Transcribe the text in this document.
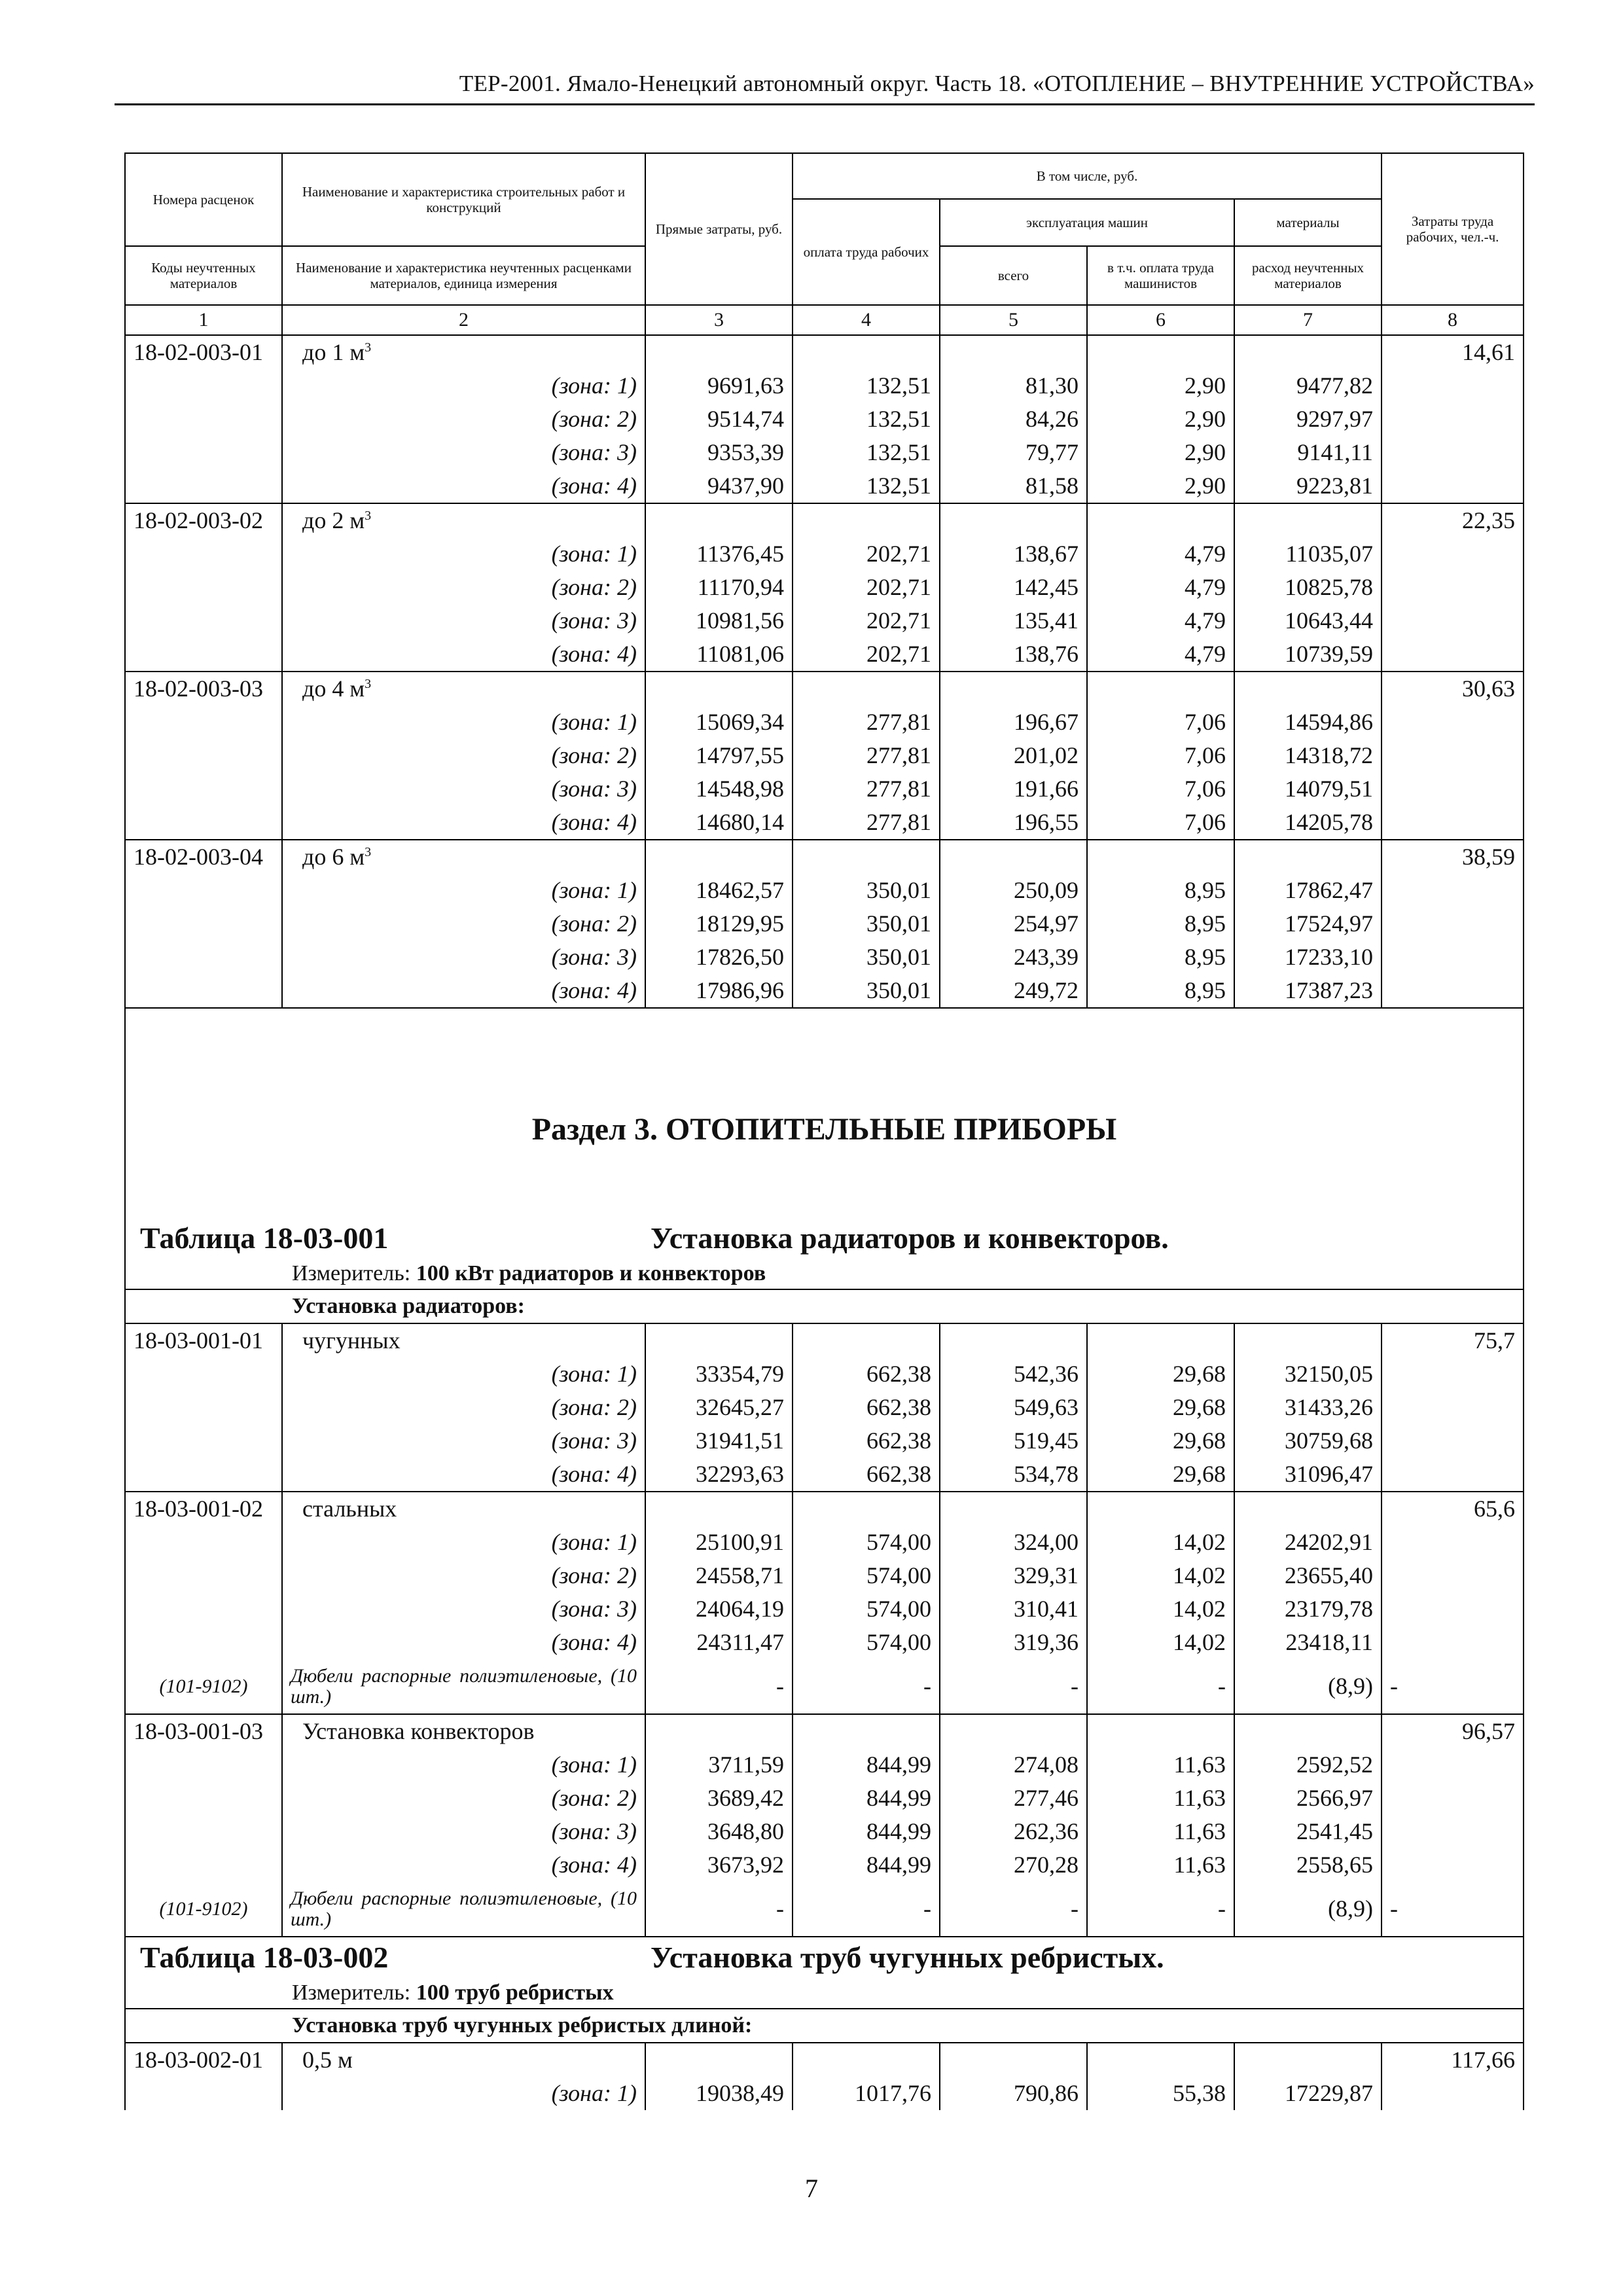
ТЕР-2001. Ямало-Ненецкий автономный округ. Часть 18. «ОТОПЛЕНИЕ – ВНУТРЕННИЕ УСТРОЙСТВА»
Номера расценок	Наименование и характеристика строительных работ и конструкций	Прямые затраты, руб.	В том числе, руб.				Затраты труда рабочих, чел.-ч.
			оплата труда рабочих	эксплуатация машин		материалы	
Коды неучтенных материалов	Наименование и характеристика неучтенных расценками материалов, единица измерения			всего	в т.ч. оплата труда машинистов	расход неучтенных материалов	
1	2	3	4	5	6	7	8
18-02-003-01	до 1 $м^3$						14,61
	(зона: 1)	9691,63	132,51	81,30	2,90	9477,82	
	(зона: 2)	9514,74	132,51	84,26	2,90	9297,97	
	(зона: 3)	9353,39	132,51	79,77	2,90	9141,11	
	(зона: 4)	9437,90	132,51	81,58	2,90	9223,81	
18-02-003-02	до 2 $м^3$						22,35
	(зона: 1)	11376,45	202,71	138,67	4,79	11035,07	
	(зона: 2)	11170,94	202,71	142,45	4,79	10825,78	
	(зона: 3)	10981,56	202,71	135,41	4,79	10643,44	
	(зона: 4)	11081,06	202,71	138,76	4,79	10739,59	
18-02-003-03	до 4 $м^3$						30,63
	(зона: 1)	15069,34	277,81	196,67	7,06	14594,86	
	(зона: 2)	14797,55	277,81	201,02	7,06	14318,72	
	(зона: 3)	14548,98	277,81	191,66	7,06	14079,51	
	(зона: 4)	14680,14	277,81	196,55	7,06	14205,78	
18-02-003-04	до 6 $м^3$						38,59
	(зона: 1)	18462,57	350,01	250,09	8,95	17862,47	
	(зона: 2)	18129,95	350,01	254,97	8,95	17524,97	
	(зона: 3)	17826,50	350,01	243,39	8,95	17233,10	
	(зона: 4)	17986,96	350,01	249,72	8,95	17387,23	
Раздел 3. ОТОПИТЕЛЬНЫЕ ПРИБОРЫ							

Таблица 18-03-001 Установка радиаторов и конвекторов.							
Измеритель: 100 кВт радиаторов и конвекторов							
Установка радиаторов:							
18-03-001-01	чугунных						75,7
	(зона: 1)	33354,79	662,38	542,36	29,68	32150,05	
	(зона: 2)	32645,27	662,38	549,63	29,68	31433,26	
	(зона: 3)	31941,51	662,38	519,45	29,68	30759,68	
	(зона: 4)	32293,63	662,38	534,78	29,68	31096,47	
18-03-001-02	стальных						65,6
	(зона: 1)	25100,91	574,00	324,00	14,02	24202,91	
	(зона: 2)	24558,71	574,00	329,31	14,02	23655,40	
	(зона: 3)	24064,19	574,00	310,41	14,02	23179,78	
	(зона: 4)	24311,47	574,00	319,36	14,02	23418,11	
(101-9102)	Дюбели распорные полиэтиленовые, (10 шт.)	-	-	-	-	(8,9)	-
18-03-001-03	Установка конвекторов						96,57
	(зона: 1)	3711,59	844,99	274,08	11,63	2592,52	
	(зона: 2)	3689,42	844,99	277,46	11,63	2566,97	
	(зона: 3)	3648,80	844,99	262,36	11,63	2541,45	
	(зона: 4)	3673,92	844,99	270,28	11,63	2558,65	
(101-9102)	Дюбели распорные полиэтиленовые, (10 шт.)	-	-	-	-	(8,9)	-
Таблица 18-03-002 Установка труб чугунных ребристых.							
Измеритель: 100 труб ребристых							
Установка труб чугунных ребристых длиной:							
18-03-002-01	0,5 м						117,66
	(зона: 1)	19038,49	1017,76	790,86	55,38	17229,87	
7
